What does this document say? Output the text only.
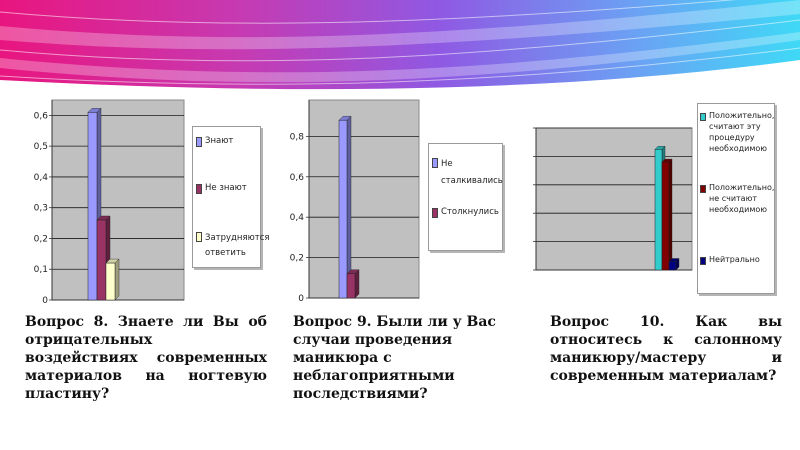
0
0,1
0,2
0,3
0,4
0,5
0,6
Знают
Не знают
Затрудняются ответить
0
0,2
0,4
0,6
0,8
Не сталкивались
Столкнулись
Положительно, считают эту процедуру необходимою
Положительно, не считают необходимою
Нейтрально
Вопрос 8. Знаете ли Вы об отрицательных воздействиях современных материалов на ногтевую пластину?
Вопрос 9. Были ли у Вас случаи проведения маникюра с неблагоприятными последствиями?
Вопрос 10. Как вы относитесь к салонному маникюру/мастеру и современным материалам?
